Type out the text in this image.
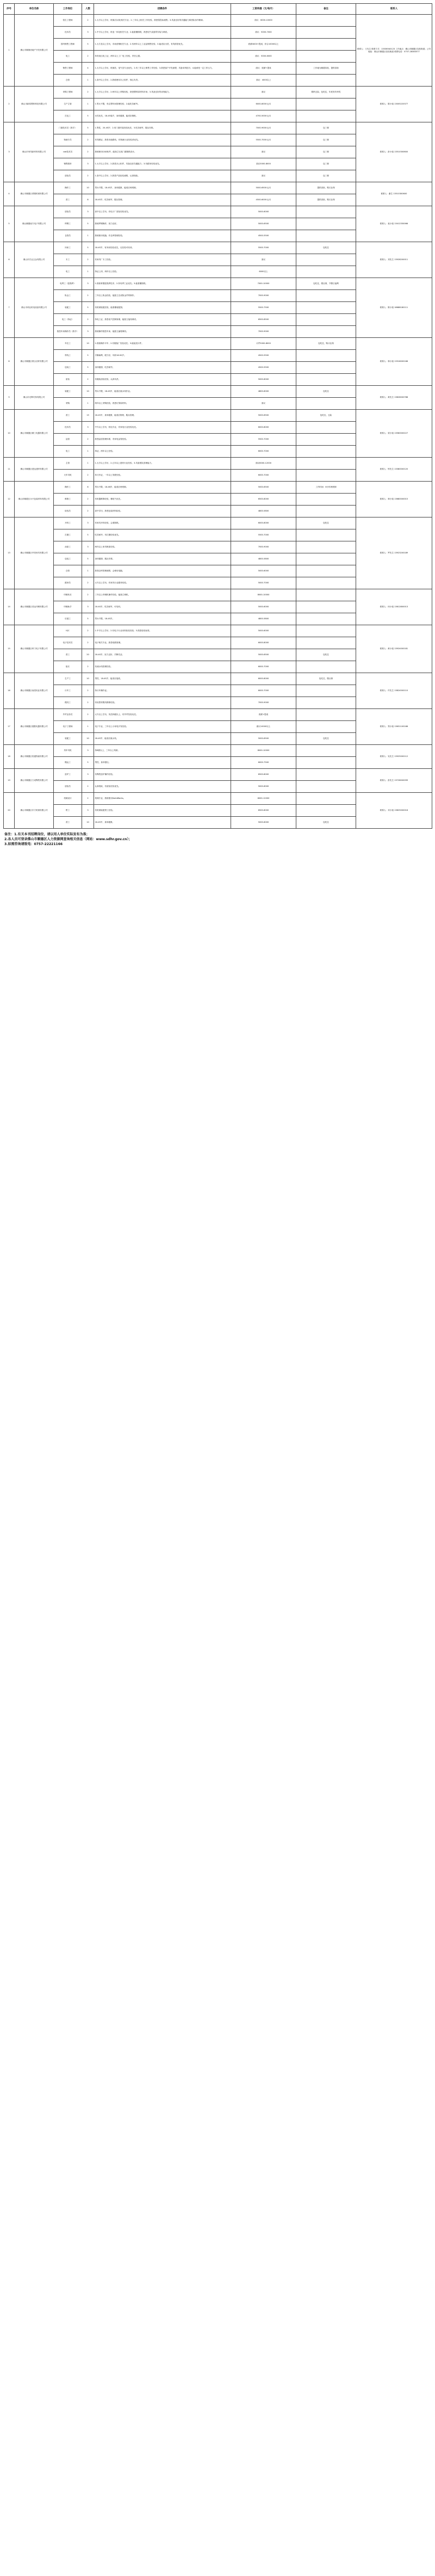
序号	单位名称	工作岗位	人数	招聘条件	工资待遇（元/每月）	备注	联系人
1	佛山市顺海房地产开发有限公司	招生工程师	2	1.大专以上学历，机械/自动化相关专业；2.三年以上相关工作经验，熟悉招投标流程；3.具备良好的沟通能力和团队协作精神。	面议：6000-10000		联系人：王先生 联系方式：13536540123 工作地点：佛山市顺德区容桂街道；公司地址：佛山市顺德区容桂街道 联系电话：0757-28383577
		技术员	3	1.中专以上学历，机电一体化相关专业；2.能看懂图纸，熟悉电气设备的安装与调试。	面议：5000-7000		
		国内销售工程师	5	1.大专及以上学历，市场营销相关专业；2.有两年以上工业品销售经验；3.能适应出差，有驾照者优先。	底薪4000+提成，综合10000以上		
		电工	2	持有低压电工证，两年以上工厂电工经验，责任心强。	面议：5000-6000		
		销售工程师	4	1.大专以上学历，机械类、电气类专业优先；2.有三年以上销售工作经验；3.熟悉客户开发流程，具备谈判技巧；4.能承受一定工作压力。	面议：底薪+提成	工作地为顺德容桂，提供食宿	
		仓管	1	1.高中以上学历；2.熟练使用办公软件，细心负责。	面议：4000以上		
2	佛山市新原塑料科技有限公司	采购工程师	2	1.大专以上学历；2.两年以上采购经验，熟悉塑料原材料市场；3.具备良好的谈判能力。	面议	缴纳五险，包吃住，年底有年终奖	联系人：陈小姐 13005220377
		生产主管	1	1.男女不限，有注塑车间管理经验；2.能吃苦耐劳。	6000-8000元/月		
		打包工	5	女性优先，18-45周岁，身体健康，能适应倒班。	4700-5000元/月		
3	佛山市荣茂新材料有限公司	门窗技术员（熟手）	5	1.男性，20-45岁；2.有门窗安装经验优先；3.吃苦耐劳，服从安排。	7000-9000元/月	包三餐	联系人：彭小姐 13510300600
		物流专员	2	有驾驶证，熟悉本地路线，有物流行业经验者优先。	5500-7000元/月	包三餐	
		cad技术员	2	熟练使用CAD软件，能独立完成门窗图纸设计。	面议	包三餐	
		销售跟单	3	1.大专以上学历；2.熟悉办公软件，具备良好沟通能力；3.有跟单经验优先。	面议5000-8000	包三餐	
		质检员	2	1.高中以上学历；2.熟悉产品检验流程，认真细致。	面议	包三餐	
4	佛山市顺德区鸿锦机械有限公司	操作工	10	男女不限，18-45岁，身体健康，能适应两班倒。	5000-6500元/月	提供食宿，购买社保	联系人：谢生 13510300600
		普工	8	18-45岁，吃苦耐劳，服从管理。	4500-6000元/月	提供食宿，购买社保	
5	佛山顺德南方电子有限公司	质检员	3	高中以上学历，有电子厂质检经验优先。	5000-6000		联系人：莫小姐 13412330066
		焊锡工	5	熟练焊锡操作，视力良好。	5000-6500		
		仓管员	1	熟练使用电脑，有仓库管理经验。	4500-5500		
6	佛山市宏达五金有限公司	冲床工	5	18-45岁，有冲床经验优先，无经验可培训。	5500-7000	包吃住	联系人：刘先生 13928200011
		木工	2	有家具厂木工经验。	面议		
		电工	1	持证上岗，两年以上经验。	6000以上		
7	佛山市荣业机电设备有限公司	电焊工（氩弧焊）	3	1.熟练掌握氩弧焊技术；2.持有焊工证优先；3.能看懂图纸。	7000-10000	包吃住，缴社保，节假日福利	联系人：陈小姐 18688180111
		钣金工	2	三年以上钣金经验，能独立完成钣金件的制作。	7000-9000		
		装配工	5	有机械装配经验，能看懂装配图。	5500-7500		
		电工（持证）	2	持电工证，熟悉电气控制原理，能独立接线调试。	6500-8500		
		数控车床操作员（熟手）	3	熟练操作数控车床，能独立编程调机。	7000-9000		
8	佛山市顺德区联合纺织有限公司	车位工	10	1.熟练操作平车；2.有服装厂经验优先；3.能接受计件。	计件5000-8000	包吃住，购买社保	联系人：林小姐 13316000166
		剪线工	5	手脚麻利，眼力好，年龄18-50岁。	4500-5500		
		包装工	5	身体健康，吃苦耐劳。	4500-5500		
		质检	2	有服装质检经验，认真负责。	5000-6000		
9	佛山市光辉灯饰有限公司	装配工	10	男女不限，18-45岁，能适应流水线作业。	4800-6000	包吃住	联系人：黄先生 13826000788
		采购	1	两年以上采购经验，熟悉灯饰原材料。	面议		
10	佛山市顺德区精工电器有限公司	普工	15	18-45岁，身体健康，能适应倒班，服从管理。	5000-6500	包吃住，五险	联系人：梁小姐 13560000227
		技术员	3	中专以上学历，机电专业，有家电行业经验优先。	6000-8000		
		品管	2	熟悉品质管理体系，有家电品管经验。	5500-7000		
		电工	1	持证，两年以上经验。	6000-7000		
11	佛山市顺德区建达建材有限公司	主管	1	1.大专以上学历；2.五年以上建材行业经验；3.具备团队管理能力。	面议8000-12000		联系人：钟先生 13380000120
		叉车司机	2	持叉车证，一年以上驾驶经验。	6000-7000		
12	佛山市顺德区永兴包装材料有限公司	操作工	8	男女不限，18-48岁，能适应两班倒。	5000-6500	工作时间：8小时两班倒	联系人：林小姐 13680000015
		维修工	2	有机器维修经验，懂电气优先。	6500-8000		
		检验员	2	高中学历，熟悉包装材料检验。	4800-5800		
13	佛山市顺德区华美家具有限公司	开料工	3	有家具开料经验，会看图纸。	6000-8000	包吃住	联系人：罗先生 13923200189
		打磨工	5	吃苦耐劳，有打磨经验优先。	5500-7000		
		油漆工	3	两年以上家具喷漆经验。	7000-9000		
		包装工	5	身体健康，服从安排。	4800-5800		
		仓管	1	熟悉仓库管理流程，会使用电脑。	5000-6000		
		跟单员	2	大专以上学历，有家具行业跟单经验。	5000-7000		
14	佛山市顺德区美达印刷有限公司	印刷机长	2	三年以上印刷机操作经验，能独立调机。	8000-10000		联系人：何小姐 13612800013
		印刷助手	3	18-40岁，吃苦耐劳，可培训。	5000-6000		
		后道工	5	男女不限，18-45岁。	4800-5800		
15	佛山市顺德区科力电子有限公司	IQC	2	1.中专以上学历；2.有电子行业来料检验经验；3.熟悉检验标准。	5000-6000		联系人：黄小姐 13924000181
		电子技术员	2	电子相关专业，熟悉电路原理。	6000-8000		
		普工	20	18-40岁，视力良好，手脚灵活。	5000-6500	包吃住	
		组长	2	有流水线管理经验。	6000-7000		
16	佛山市顺德区南星铝业有限公司	生产工	10	男性，18-45岁，能适应夜班。	6000-8000	包吃住，缴社保	联系人：许先生 13824500110
		行车工	2	持行车操作证。	6000-7000		
		模具工	2	有铝型材模具维修经验。	7000-9000		
17	佛山市顺德区德胜电器有限公司	外贸业务员	2	大专以上学历，英语四级以上，有外贸经验优先。	底薪+提成		联系人：郑小姐 13631100166
		电子工程师	1	电子专业，三年以上小家电开发经验。	面议10000以上		
		装配工	10	18-45岁，能适应流水线。	5000-6500	包吃住	
18	佛山市顺德区恒通物流有限公司	货车司机	3	持B照以上，三年以上驾龄。	8000-10000		联系人：吴先生 13925000112
		搬运工	5	男性，身体强壮。	6000-7500		
19	佛山市顺德区天成陶瓷有限公司	窑炉工	3	有陶瓷窑炉操作经验。	6500-8000		联系人：彭先生 13728000099
		质检员	2	认真细致，有质检经验优先。	5000-6000		
20	佛山市顺德区东方机械有限公司	机械设计	2	机械专业，熟练使用SolidWorks。	8000-12000		联系人：邓小姐 13825000016
		钳工	3	有机械装配钳工经验。	6500-8000		
		普工	10	18-45岁，身体健康。	5000-6000	包吃住	

备注：1.有关本刊招聘岗位，请以用人单位实际发布为准；

2.各人员可登录佛山市顺德区人力资源网查询相关信息（网站：www.sdhr.gov.cn）；

3.如需咨询请致电：0757-22221166
